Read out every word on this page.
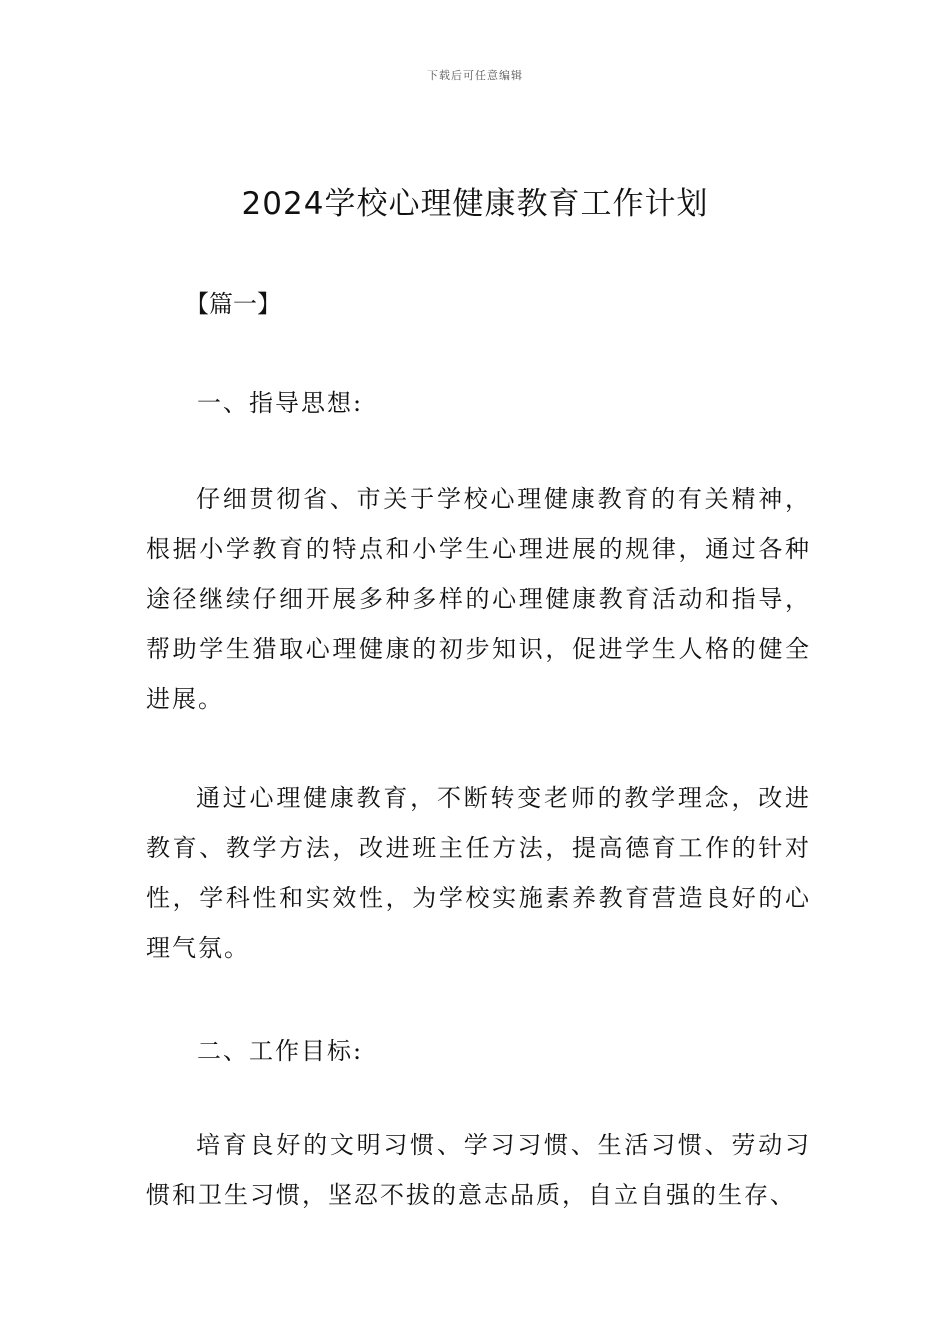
下载后可任意编辑
2024学校心理健康教育工作计划
【篇一】
一、指导思想:

仔细贯彻省、市关于学校心理健康教育的有关精神，根据小学教育的特点和小学生心理进展的规律，通过各种途径继续仔细开展多种多样的心理健康教育活动和指导，帮助学生猎取心理健康的初步知识，促进学生人格的健全进展。

通过心理健康教育，不断转变老师的教学理念，改进教育、教学方法，改进班主任方法，提高德育工作的针对性，学科性和实效性，为学校实施素养教育营造良好的心理气氛。

二、工作目标:

培育良好的文明习惯、学习习惯、生活习惯、劳动习惯和卫生习惯，坚忍不拔的意志品质，自立自强的生存、
